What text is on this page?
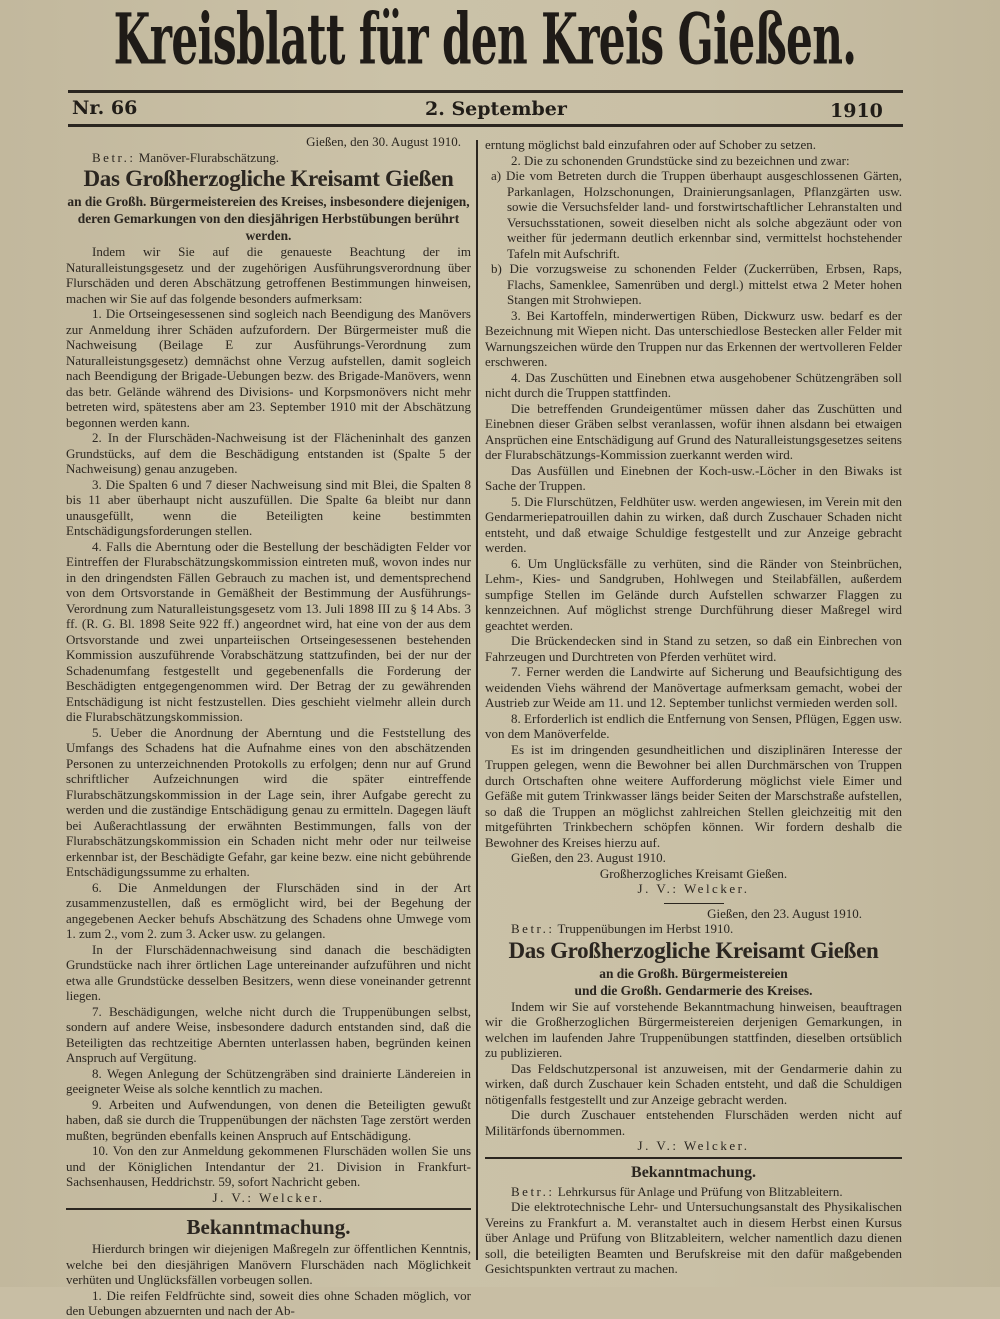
Kreisblatt für den Kreis Gießen.
Nr. 66	2. September	1910

Gießen, den 30. August 1910.

Betr.: Manöver-Flurabschätzung.

Das Großherzogliche Kreisamt Gießen
an die Großh. Bürgermeistereien des Kreises, insbesondere diejenigen, deren Gemarkungen von den diesjährigen Herbstübungen berührt werden.

Indem wir Sie auf die genaueste Beachtung der im Naturalleistungsgesetz und der zugehörigen Ausführungsverordnung über Flurschäden und deren Abschätzung getroffenen Bestimmungen hinweisen, machen wir Sie auf das folgende besonders aufmerksam:

1. Die Ortseingesessenen sind sogleich nach Beendigung des Manövers zur Anmeldung ihrer Schäden aufzufordern. Der Bürgermeister muß die Nachweisung (Beilage E zur Ausführungs-Verordnung zum Naturalleistungsgesetz) demnächst ohne Verzug aufstellen, damit sogleich nach Beendigung der Brigade-Uebungen bezw. des Brigade-Manövers, wenn das betr. Gelände während des Divisions- und Korpsmonövers nicht mehr betreten wird, spätestens aber am 23. September 1910 mit der Abschätzung begonnen werden kann.

2. In der Flurschäden-Nachweisung ist der Flächeninhalt des ganzen Grundstücks, auf dem die Beschädigung entstanden ist (Spalte 5 der Nachweisung) genau anzugeben.

3. Die Spalten 6 und 7 dieser Nachweisung sind mit Blei, die Spalten 8 bis 11 aber überhaupt nicht auszufüllen. Die Spalte 6a bleibt nur dann unausgefüllt, wenn die Beteiligten keine bestimmten Entschädigungsforderungen stellen.

4. Falls die Aberntung oder die Bestellung der beschädigten Felder vor Eintreffen der Flurabschätzungskommission eintreten muß, wovon indes nur in den dringendsten Fällen Gebrauch zu machen ist, und dementsprechend von dem Ortsvorstande in Gemäßheit der Bestimmung der Ausführungs-Verordnung zum Naturalleistungsgesetz vom 13. Juli 1898 III zu § 14 Abs. 3 ff. (R. G. Bl. 1898 Seite 922 ff.) angeordnet wird, hat eine von der aus dem Ortsvorstande und zwei unparteiischen Ortseingesessenen bestehenden Kommission auszuführende Vorabschätzung stattzufinden, bei der nur der Schadenumfang festgestellt und gegebenenfalls die Forderung der Beschädigten entgegengenommen wird. Der Betrag der zu gewährenden Entschädigung ist nicht festzustellen. Dies geschieht vielmehr allein durch die Flurabschätzungskommission.

5. Ueber die Anordnung der Aberntung und die Feststellung des Umfangs des Schadens hat die Aufnahme eines von den abschätzenden Personen zu unterzeichnenden Protokolls zu erfolgen; denn nur auf Grund schriftlicher Aufzeichnungen wird die später eintreffende Flurabschätzungskommission in der Lage sein, ihrer Aufgabe gerecht zu werden und die zuständige Entschädigung genau zu ermitteln. Dagegen läuft bei Außerachtlassung der erwähnten Bestimmungen, falls von der Flurabschätzungskommission ein Schaden nicht mehr oder nur teilweise erkennbar ist, der Beschädigte Gefahr, gar keine bezw. eine nicht gebührende Entschädigungssumme zu erhalten.

6. Die Anmeldungen der Flurschäden sind in der Art zusammenzustellen, daß es ermöglicht wird, bei der Begehung der angegebenen Aecker behufs Abschätzung des Schadens ohne Umwege vom 1. zum 2., vom 2. zum 3. Acker usw. zu gelangen.

In der Flurschädennachweisung sind danach die beschädigten Grundstücke nach ihrer örtlichen Lage untereinander aufzuführen und nicht etwa alle Grundstücke desselben Besitzers, wenn diese voneinander getrennt liegen.

7. Beschädigungen, welche nicht durch die Truppenübungen selbst, sondern auf andere Weise, insbesondere dadurch entstanden sind, daß die Beteiligten das rechtzeitige Abernten unterlassen haben, begründen keinen Anspruch auf Vergütung.

8. Wegen Anlegung der Schützengräben sind drainierte Ländereien in geeigneter Weise als solche kenntlich zu machen.

9. Arbeiten und Aufwendungen, von denen die Beteiligten gewußt haben, daß sie durch die Truppenübungen der nächsten Tage zerstört werden mußten, begründen ebenfalls keinen Anspruch auf Entschädigung.

10. Von den zur Anmeldung gekommenen Flurschäden wollen Sie uns und der Königlichen Intendantur der 21. Division in Frankfurt-Sachsenhausen, Heddrichstr. 59, sofort Nachricht geben.

J. V.: Welcker.

Bekanntmachung.

Hierdurch bringen wir diejenigen Maßregeln zur öffentlichen Kenntnis, welche bei den diesjährigen Manövern Flurschäden nach Möglichkeit verhüten und Unglücksfällen vorbeugen sollen.

1. Die reifen Feldfrüchte sind, soweit dies ohne Schaden möglich, vor den Uebungen abzuernten und nach der Ab-

erntung möglichst bald einzufahren oder auf Schober zu setzen.

2. Die zu schonenden Grundstücke sind zu bezeichnen und zwar:

a) Die vom Betreten durch die Truppen überhaupt ausgeschlossenen Gärten, Parkanlagen, Holzschonungen, Drainierungsanlagen, Pflanzgärten usw. sowie die Versuchsfelder land- und forstwirtschaftlicher Lehranstalten und Versuchsstationen, soweit dieselben nicht als solche abgezäunt oder von weither für jedermann deutlich erkennbar sind, vermittelst hochstehender Tafeln mit Aufschrift.

b) Die vorzugsweise zu schonenden Felder (Zuckerrüben, Erbsen, Raps, Flachs, Samenklee, Samenrüben und dergl.) mittelst etwa 2 Meter hohen Stangen mit Strohwiepen.

3. Bei Kartoffeln, minderwertigen Rüben, Dickwurz usw. bedarf es der Bezeichnung mit Wiepen nicht. Das unterschiedlose Bestecken aller Felder mit Warnungszeichen würde den Truppen nur das Erkennen der wertvolleren Felder erschweren.

4. Das Zuschütten und Einebnen etwa ausgehobener Schützengräben soll nicht durch die Truppen stattfinden.

Die betreffenden Grundeigentümer müssen daher das Zuschütten und Einebnen dieser Gräben selbst veranlassen, wofür ihnen alsdann bei etwaigen Ansprüchen eine Entschädigung auf Grund des Naturalleistungsgesetzes seitens der Flurabschätzungs-Kommission zuerkannt werden wird.

Das Ausfüllen und Einebnen der Koch-usw.-Löcher in den Biwaks ist Sache der Truppen.

5. Die Flurschützen, Feldhüter usw. werden angewiesen, im Verein mit den Gendarmeriepatrouillen dahin zu wirken, daß durch Zuschauer Schaden nicht entsteht, und daß etwaige Schuldige festgestellt und zur Anzeige gebracht werden.

6. Um Unglücksfälle zu verhüten, sind die Ränder von Steinbrüchen, Lehm-, Kies- und Sandgruben, Hohlwegen und Steilabfällen, außerdem sumpfige Stellen im Gelände durch Aufstellen schwarzer Flaggen zu kennzeichnen. Auf möglichst strenge Durchführung dieser Maßregel wird geachtet werden.

Die Brückendecken sind in Stand zu setzen, so daß ein Einbrechen von Fahrzeugen und Durchtreten von Pferden verhütet wird.

7. Ferner werden die Landwirte auf Sicherung und Beaufsichtigung des weidenden Viehs während der Manövertage aufmerksam gemacht, wobei der Austrieb zur Weide am 11. und 12. September tunlichst vermieden werden soll.

8. Erforderlich ist endlich die Entfernung von Sensen, Pflügen, Eggen usw. von dem Manöverfelde.

Es ist im dringenden gesundheitlichen und disziplinären Interesse der Truppen gelegen, wenn die Bewohner bei allen Durchmärschen von Truppen durch Ortschaften ohne weitere Aufforderung möglichst viele Eimer und Gefäße mit gutem Trinkwasser längs beider Seiten der Marschstraße aufstellen, so daß die Truppen an möglichst zahlreichen Stellen gleichzeitig mit den mitgeführten Trinkbechern schöpfen können. Wir fordern deshalb die Bewohner des Kreises hierzu auf.

Gießen, den 23. August 1910.

Großherzogliches Kreisamt Gießen.

J. V.: Welcker.

Gießen, den 23. August 1910.

Betr.: Truppenübungen im Herbst 1910.

Das Großherzogliche Kreisamt Gießen
an die Großh. Bürgermeistereien
und die Großh. Gendarmerie des Kreises.

Indem wir Sie auf vorstehende Bekanntmachung hinweisen, beauftragen wir die Großherzoglichen Bürgermeistereien derjenigen Gemarkungen, in welchen im laufenden Jahre Truppenübungen stattfinden, dieselben ortsüblich zu publizieren.

Das Feldschutzpersonal ist anzuweisen, mit der Gendarmerie dahin zu wirken, daß durch Zuschauer kein Schaden entsteht, und daß die Schuldigen nötigenfalls festgestellt und zur Anzeige gebracht werden.

Die durch Zuschauer entstehenden Flurschäden werden nicht auf Militärfonds übernommen.

J. V.: Welcker.

Bekanntmachung.

Betr.: Lehrkursus für Anlage und Prüfung von Blitzableitern.

Die elektrotechnische Lehr- und Untersuchungsanstalt des Physikalischen Vereins zu Frankfurt a. M. veranstaltet auch in diesem Herbst einen Kursus über Anlage und Prüfung von Blitzableitern, welcher namentlich dazu dienen soll, die beteiligten Beamten und Berufskreise mit den dafür maßgebenden Gesichtspunkten vertraut zu machen.
